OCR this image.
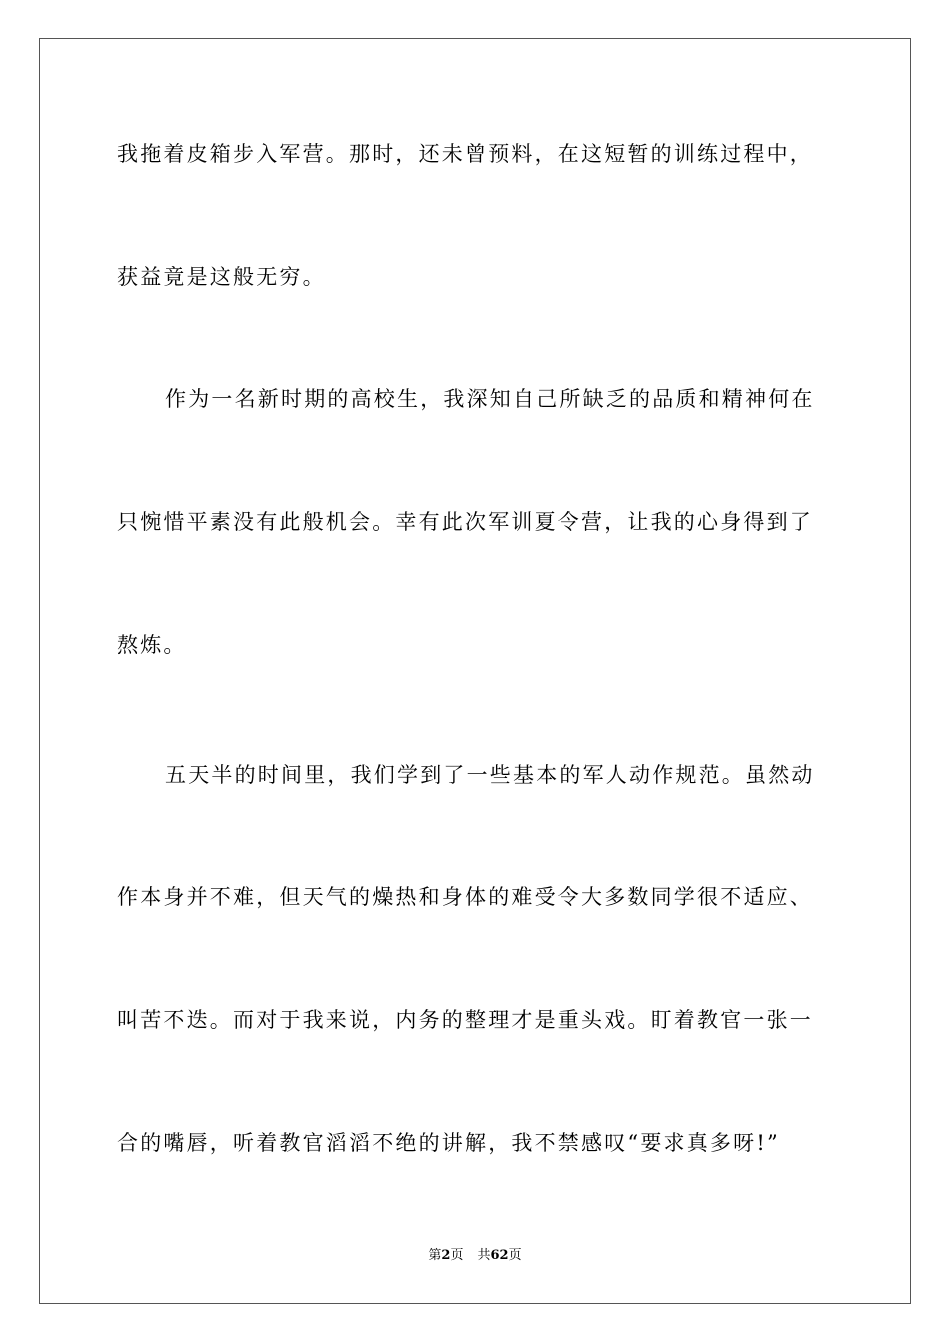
我拖着皮箱步入军营。那时，还未曾预料，在这短暂的训练过程中，
获益竟是这般无穷。
作为一名新时期的高校生，我深知自己所缺乏的品质和精神何在
只惋惜平素没有此般机会。幸有此次军训夏令营，让我的心身得到了
熬炼。
五天半的时间里，我们学到了一些基本的军人动作规范。虽然动
作本身并不难，但天气的燥热和身体的难受令大多数同学很不适应、
叫苦不迭。而对于我来说，内务的整理才是重头戏。盯着教官一张一
合的嘴唇，听着教官滔滔不绝的讲解，我不禁感叹“要求真多呀!”
第2页 共62页
